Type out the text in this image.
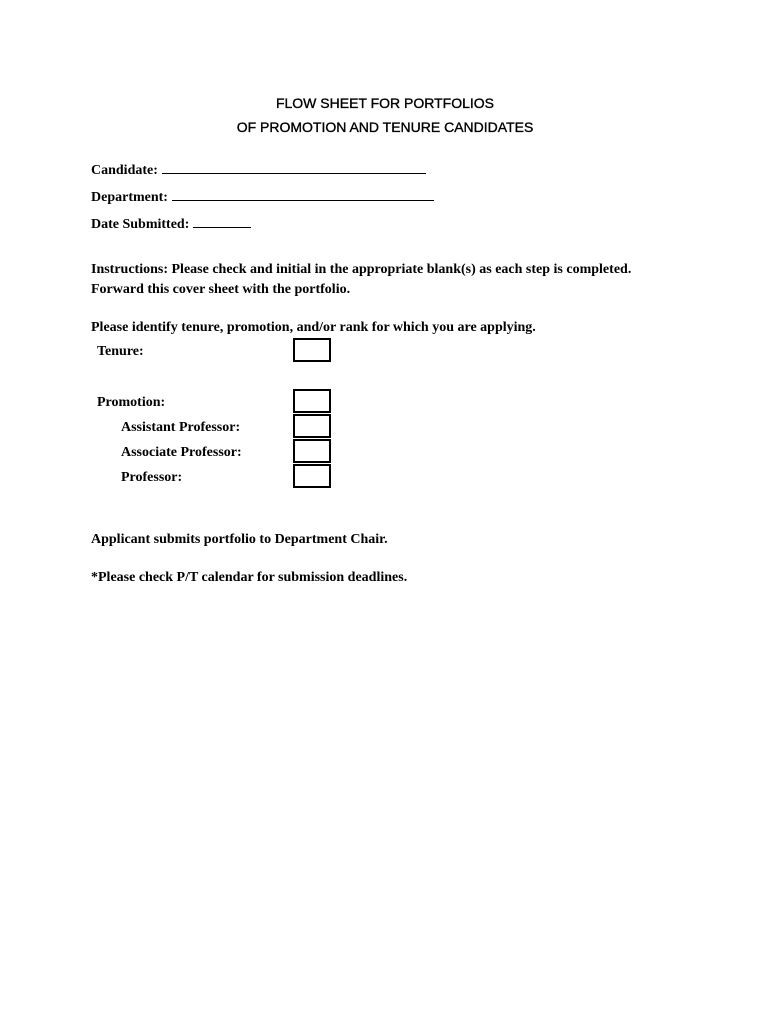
FLOW SHEET FOR PORTFOLIOS
OF PROMOTION AND TENURE CANDIDATES
Candidate:
Department:
Date Submitted:
Instructions: Please check and initial in the appropriate blank(s) as each step is completed.
Forward this cover sheet with the portfolio.
Please identify tenure, promotion, and/or rank for which you are applying.
Tenure:
Promotion:
Assistant Professor:
Associate Professor:
Professor:
Applicant submits portfolio to Department Chair.
*Please check P/T calendar for submission deadlines.
